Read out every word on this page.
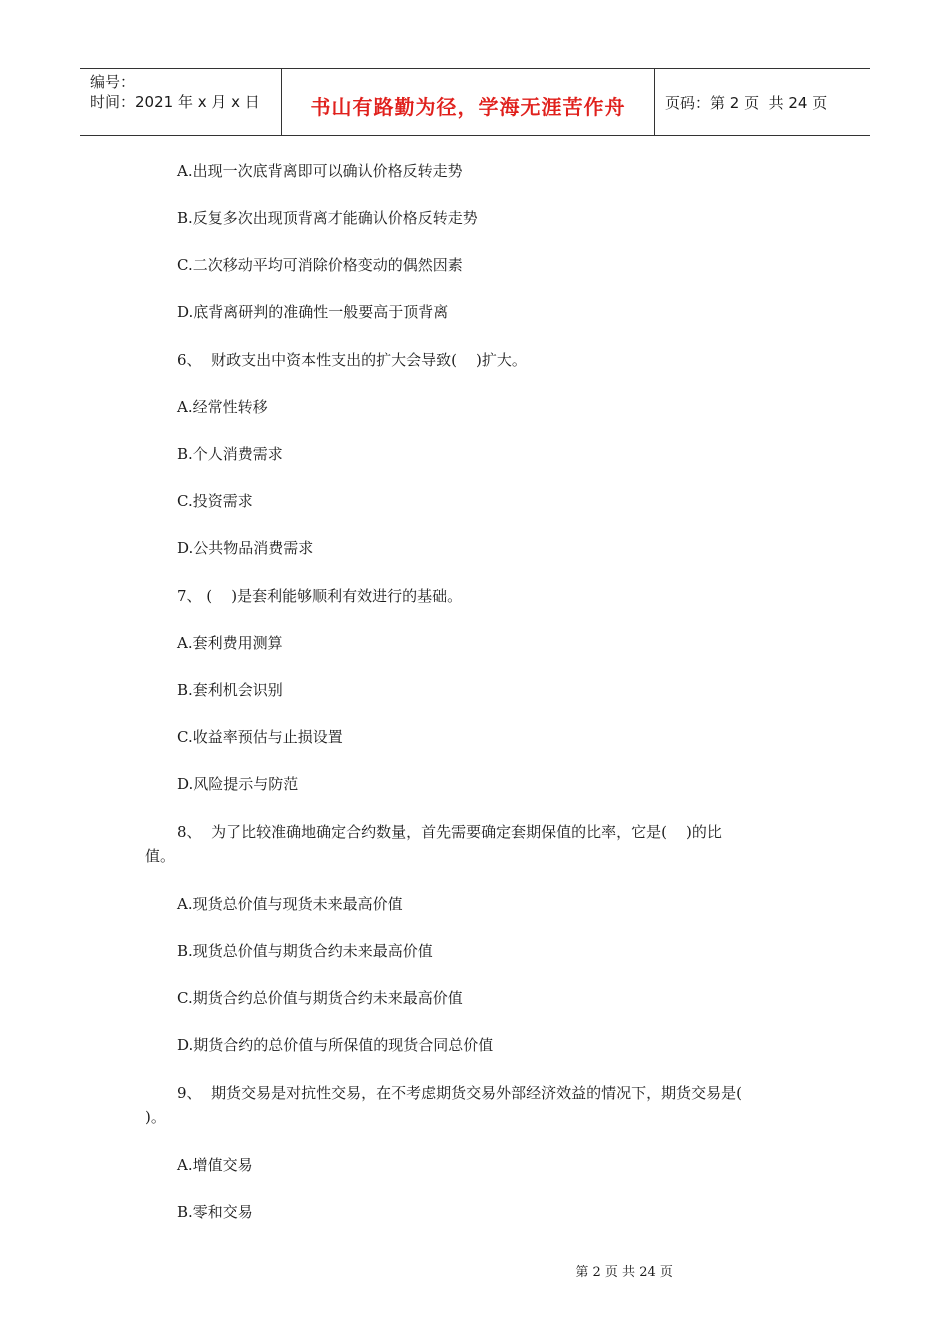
编号：
时间：2021 年 x 月 x 日	书山有路勤为径，学海无涯苦作舟	页码：第 2 页  共 24 页
A.出现一次底背离即可以确认价格反转走势
B.反复多次出现顶背离才能确认价格反转走势
C.二次移动平均可消除价格变动的偶然因素
D.底背离研判的准确性一般要高于顶背离
6、  财政支出中资本性支出的扩大会导致(    )扩大。
A.经常性转移
B.个人消费需求
C.投资需求
D.公共物品消费需求
7、 (    )是套利能够顺利有效进行的基础。
A.套利费用测算
B.套利机会识别
C.收益率预估与止损设置
D.风险提示与防范
8、  为了比较准确地确定合约数量，首先需要确定套期保值的比率，它是(    )的比
值。
A.现货总价值与现货未来最高价值
B.现货总价值与期货合约未来最高价值
C.期货合约总价值与期货合约未来最高价值
D.期货合约的总价值与所保值的现货合同总价值
9、  期货交易是对抗性交易，在不考虑期货交易外部经济效益的情况下，期货交易是(
)。
A.增值交易
B.零和交易

第 2 页 共 24 页
